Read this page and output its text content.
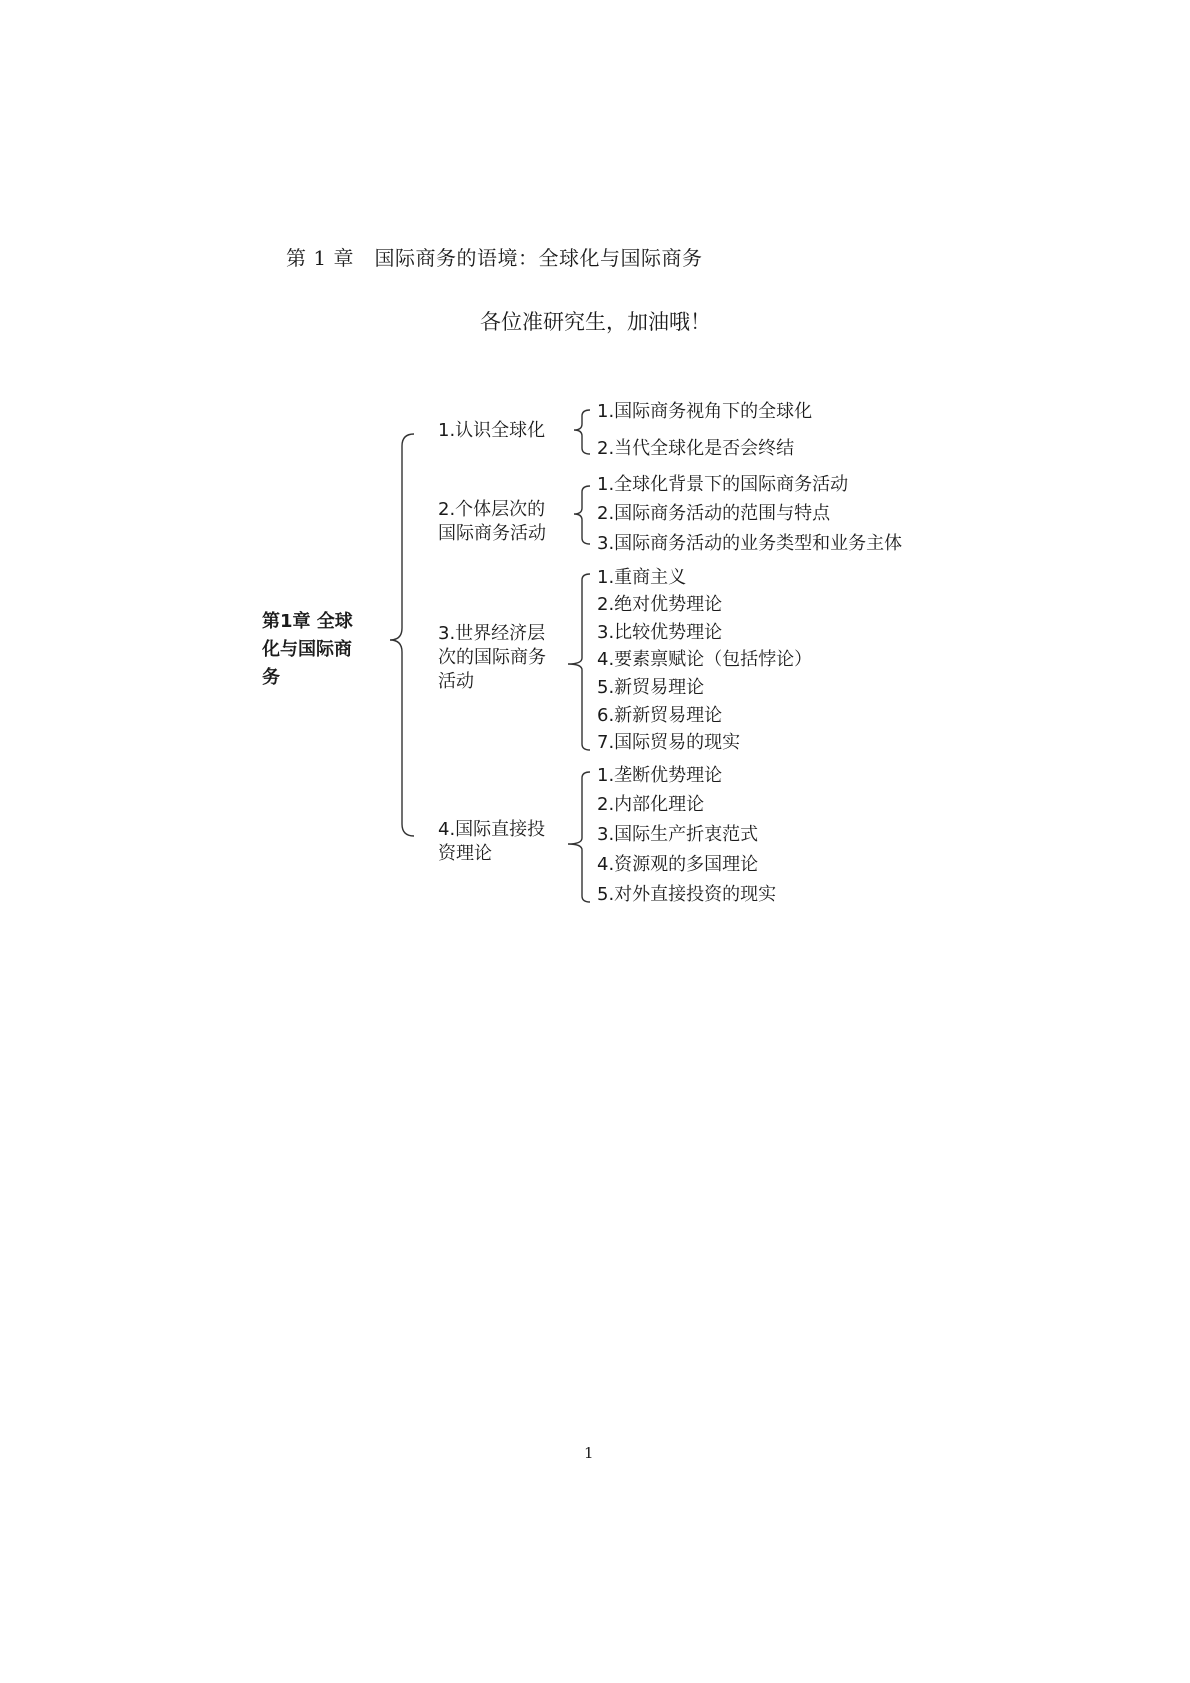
第 1 章　国际商务的语境：全球化与国际商务
各位准研究生，加油哦！
第1章 全球化与国际商务
1.认识全球化
2.个体层次的国际商务活动
3.世界经济层次的国际商务活动
4.国际直接投资理论
1.国际商务视角下的全球化
2.当代全球化是否会终结
1.全球化背景下的国际商务活动
2.国际商务活动的范围与特点
3.国际商务活动的业务类型和业务主体
1.重商主义
2.绝对优势理论
3.比较优势理论
4.要素禀赋论（包括悖论）
5.新贸易理论
6.新新贸易理论
7.国际贸易的现实
1.垄断优势理论
2.内部化理论
3.国际生产折衷范式
4.资源观的多国理论
5.对外直接投资的现实
1
